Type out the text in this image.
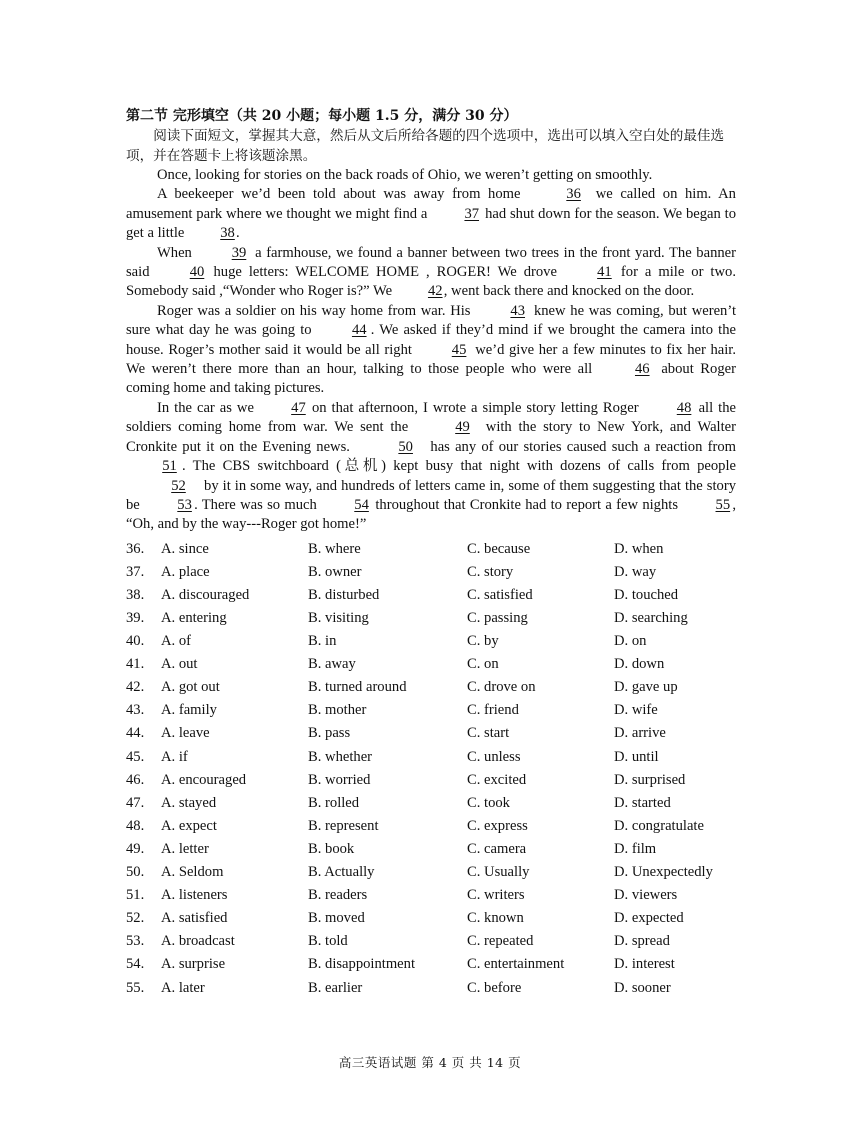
第二节 完形填空（共 20 小题；每小题 1.5 分，满分 30 分）

阅读下面短文，掌握其大意，然后从文后所给各题的四个选项中，选出可以填入空白处的最佳选项，并在答题卡上将该题涂黑。

Once, looking for stories on the back roads of Ohio, we weren’t getting on smoothly.

A beekeeper we’d been told about was away from home	36 we called on him. An amusement park where we thought we might find a	37 had shut down for the season. We began to get a little 38.

When	39 a farmhouse, we found a banner between two trees in the front yard. The banner said	40 huge letters: WELCOME HOME , ROGER! We drove	41 for a mile or two. Somebody said ,“Wonder who Roger is?” We 42, went back there and knocked on the door.

Roger was a soldier on his way home from war. His	43 knew he was coming, but weren’t sure what day he was going to	44 . We asked if they’d mind if we brought the camera into the house. Roger’s mother said it would be all right	45 we’d give her a few minutes to fix her hair. We weren’t there more than an hour, talking to those people who were all	46 about Roger coming home and taking pictures.

In the car as we	47 on that afternoon, I wrote a simple story letting Roger	48 all the soldiers coming home from war. We sent the	49 with the story to New York, and Walter Cronkite put it on the Evening news.	50 has any of our stories caused such a reaction from 51 . The CBS switchboard (总机) kept busy that night with dozens of calls from people 52 by it in some way, and hundreds of letters came in, some of them suggesting that the story be	53 . There was so much	54 throughout that Cronkite had to report a few nights	55 , “Oh, and by the way---Roger got home!”

36.	A. since	B. where	C. because	D. when
37.	A. place	B. owner	C. story	D. way
38.	A. discouraged	B. disturbed	C. satisfied	D. touched
39.	A. entering	B. visiting	C. passing	D. searching
40.	A. of	B. in	C. by	D. on
41.	A. out	B. away	C. on	D. down
42.	A. got out	B. turned around	C. drove on	D. gave up
43.	A. family	B. mother	C. friend	D. wife
44.	A. leave	B. pass	C. start	D. arrive
45.	A. if	B. whether	C. unless	D. until
46.	A. encouraged	B. worried	C. excited	D. surprised
47.	A. stayed	B. rolled	C. took	D. started
48.	A. expect	B. represent	C. express	D. congratulate
49.	A. letter	B. book	C. camera	D. film
50.	A. Seldom	B. Actually	C. Usually	D. Unexpectedly
51.	A. listeners	B. readers	C. writers	D. viewers
52.	A. satisfied	B. moved	C. known	D. expected
53.	A. broadcast	B. told	C. repeated	D. spread
54.	A. surprise	B. disappointment	C. entertainment	D. interest
55.	A. later	B. earlier	C. before	D. sooner
高三英语试题 第 4 页 共 14 页
